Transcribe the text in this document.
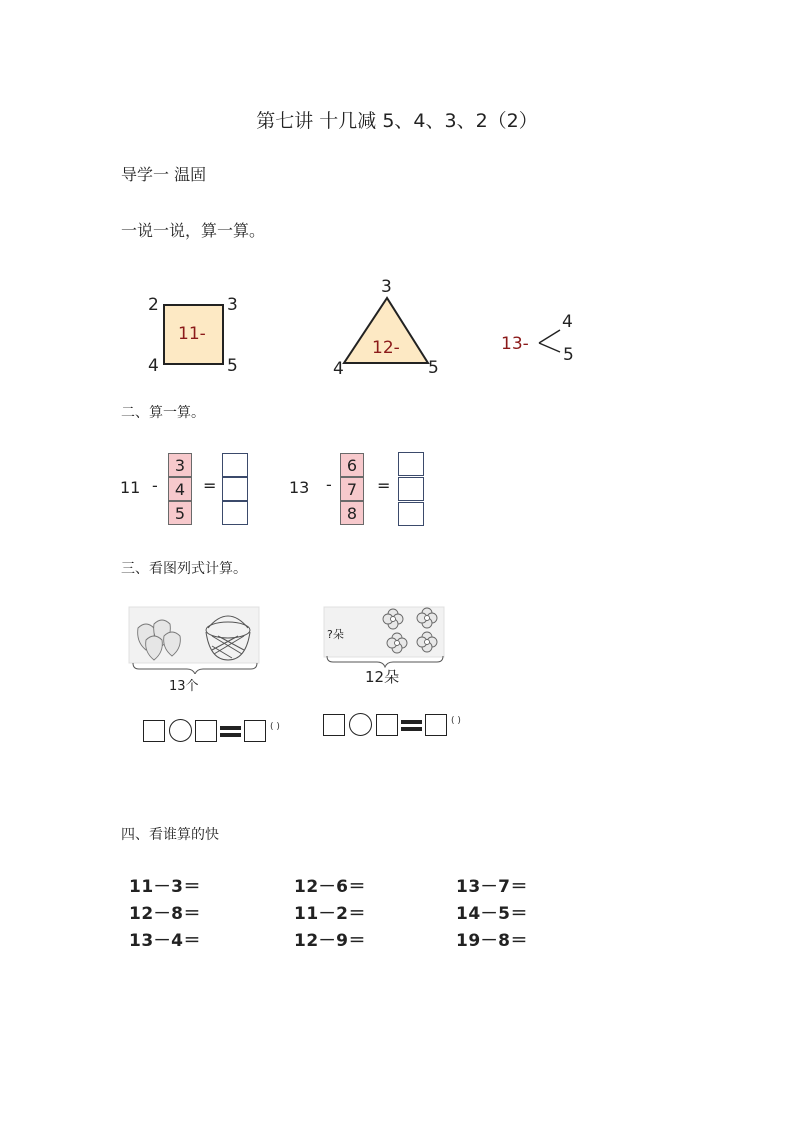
第七讲 十几减 5、4、3、2（2）
导学一 温固
一说一说，算一算。
11-
2	3
4	5
12-
3
4	5
13-
4
5
二、算一算。
11 -
3
4
5
=	13 -
6
7
8
=
三、看图列式计算。
13个
?朵
12朵
( )
( )
四、看谁算的快
11－3＝	12－6＝	13－7＝
12－8＝	11－2＝	14－5＝
13－4＝	12－9＝	19－8＝
